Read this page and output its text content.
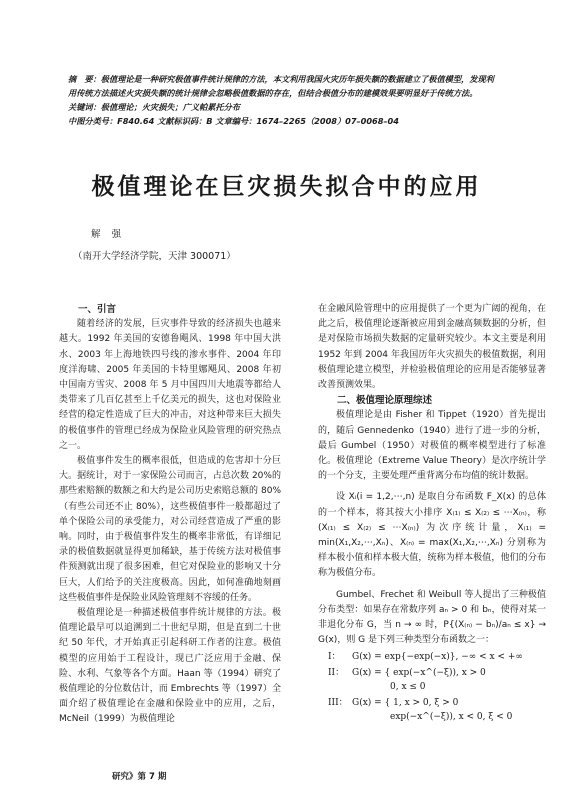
摘　要：极值理论是一种研究极值事件统计规律的方法，本文利用我国火灾历年损失额的数据建立了极值模型，发现利

用传统方法描述火灾损失额的统计规律会忽略极值数据的存在，但结合极值分布的建模效果要明显好于传统方法。

关键词：极值理论；火灾损失；广义帕累托分布

中图分类号：F840.64 文献标识码：B 文章编号：1674–2265（2008）07–0068–04

极值理论在巨灾损失拟合中的应用
解 强
（南开大学经济学院，天津 300071）
一、引言

随着经济的发展，巨灾事件导致的经济损失也越来越大。1992 年美国的安德鲁飓风、1998 年中国大洪水、2003 年上海地铁四号线的渗水事件、2004 年印度洋海啸、2005 年美国的卡特里娜飓风、2008 年初中国南方雪灾、2008 年 5 月中国四川大地震等都给人类带来了几百亿甚至上千亿美元的损失，这也对保险业经营的稳定性造成了巨大的冲击，对这种带来巨大损失的极值事件的管理已经成为保险业风险管理的研究热点之一。

极值事件发生的概率很低，但造成的危害却十分巨大。据统计，对于一家保险公司而言，占总次数 20%的那些索赔额的数额之和大约是公司历史索赔总额的 80%（有些公司还不止 80%），这些极值事件一般都超过了单个保险公司的承受能力，对公司经营造成了严重的影响。同时，由于极值事件发生的概率非常低，有详细记录的极值数据就显得更加稀缺，基于传统方法对极值事件预测就出现了很多困难，但它对保险业的影响又十分巨大，人们给予的关注度极高。因此，如何准确地刻画这些极值事件是保险业风险管理刻不容缓的任务。

极值理论是一种描述极值事件统计规律的方法。极值理论最早可以追溯到二十世纪早期，但是直到二十世纪 50 年代，才开始真正引起科研工作者的注意。极值模型的应用始于工程设计，现已广泛应用于金融、保险、水利、气象等各个方面。Haan 等（1994）研究了极值理论的分位数估计，而 Embrechts 等（1997）全面介绍了极值理论在金融和保险业中的应用，之后，McNeil（1999）为极值理论

在金融风险管理中的应用提供了一个更为广阔的视角，在此之后，极值理论逐渐被应用到金融高频数据的分析，但是对保险市场损失数据的定量研究较少。本文主要是利用 1952 年到 2004 年我国历年火灾损失的极值数据，利用极值理论建立模型，并检验极值理论的应用是否能够显著改善预测效果。

二、极值理论原理综述

极值理论是由 Fisher 和 Tippet（1920）首先提出的，随后 Gennedenko（1940）进行了进一步的分析，最后 Gumbel（1950）对极值的概率模型进行了标准化。极值理论（Extreme Value Theory）是次序统计学的一个分支，主要处理严重背离分布均值的统计数据。

设 Xᵢ(i = 1,2,⋯,n) 是取自分布函数 F_X(x) 的总体的一个样本，将其按大小排序 X₍₁₎ ≤ X₍₂₎ ≤ ⋯X₍ₙ₎，称 (X₍₁₎ ≤ X₍₂₎ ≤ ⋯X₍ₙ₎) 为次序统计量，X₍₁₎ = min(X₁,X₂,⋯,Xₙ)、X₍ₙ₎ = max(X₁,X₂,⋯,Xₙ) 分别称为样本极小值和样本极大值，统称为样本极值，他们的分布称为极值分布。

Gumbel、Frechet 和 Weibull 等人提出了三种极值分布类型：如果存在常数序列 aₙ > 0 和 bₙ，使得对某一非退化分布 G，当 n → ∞ 时，P{(X₍ₙ₎ − bₙ)/aₙ ≤ x} → G(x)，则 G 是下列三种类型分布函数之一：

I： G(x) = exp{−exp(−x)}, −∞ < x < +∞
II： G(x) = { exp(−x^(−ξ)), x > 0
0, x ≤ 0
III： G(x) = { 1, x > 0, ξ > 0
exp(−x^(−ξ)), x < 0, ξ < 0
研究》第 7 期
